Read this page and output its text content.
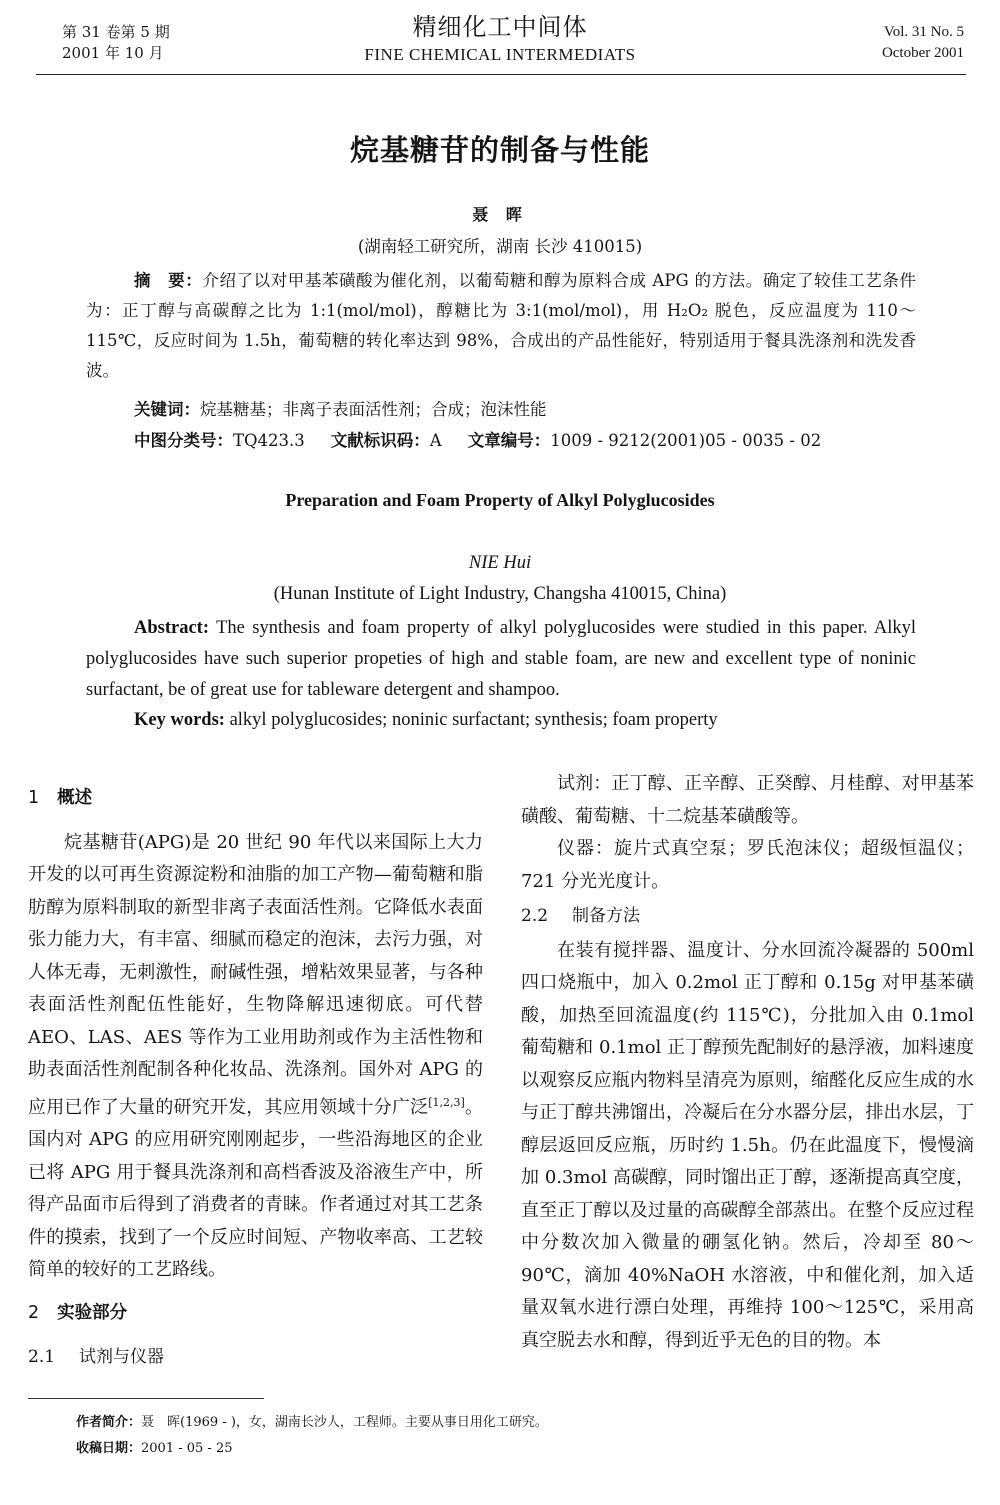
第 31 卷第 5 期
2001 年 10 月
精细化工中间体
FINE CHEMICAL INTERMEDIATS
Vol. 31 No. 5
October 2001
烷基糖苷的制备与性能
聂 晖
(湖南轻工研究所，湖南 长沙 410015)
摘　要：介绍了以对甲基苯磺酸为催化剂，以葡萄糖和醇为原料合成 APG 的方法。确定了较佳工艺条件为：正丁醇与高碳醇之比为 1:1(mol/mol)，醇糖比为 3:1(mol/mol)，用 H₂O₂ 脱色，反应温度为 110～115℃，反应时间为 1.5h，葡萄糖的转化率达到 98%，合成出的产品性能好，特别适用于餐具洗涤剂和洗发香波。
关键词：烷基糖基；非离子表面活性剂；合成；泡沫性能
中图分类号：TQ423.3 文献标识码：A 文章编号：1009 - 9212(2001)05 - 0035 - 02
Preparation and Foam Property of Alkyl Polyglucosides
NIE Hui
(Hunan Institute of Light Industry, Changsha 410015, China)
Abstract: The synthesis and foam property of alkyl polyglucosides were studied in this paper. Alkyl polyglucosides have such superior propeties of high and stable foam, are new and excellent type of noninic surfactant, be of great use for tableware detergent and shampoo.
Key words: alkyl polyglucosides; noninic surfactant; synthesis; foam property
1 概述

烷基糖苷(APG)是 20 世纪 90 年代以来国际上大力开发的以可再生资源淀粉和油脂的加工产物—葡萄糖和脂肪醇为原料制取的新型非离子表面活性剂。它降低水表面张力能力大，有丰富、细腻而稳定的泡沫，去污力强，对人体无毒，无刺激性，耐碱性强，增粘效果显著，与各种表面活性剂配伍性能好，生物降解迅速彻底。可代替 AEO、LAS、AES 等作为工业用助剂或作为主活性物和助表面活性剂配制各种化妆品、洗涤剂。国外对 APG 的应用已作了大量的研究开发，其应用领域十分广泛[1,2,3]。国内对 APG 的应用研究刚刚起步，一些沿海地区的企业已将 APG 用于餐具洗涤剂和高档香波及浴液生产中，所得产品面市后得到了消费者的青睐。作者通过对其工艺条件的摸索，找到了一个反应时间短、产物收率高、工艺较简单的较好的工艺路线。

2 实验部分
2.1 试剂与仪器

试剂：正丁醇、正辛醇、正癸醇、月桂醇、对甲基苯磺酸、葡萄糖、十二烷基苯磺酸等。

仪器：旋片式真空泵；罗氏泡沫仪；超级恒温仪；721 分光光度计。

2.2 制备方法

在装有搅拌器、温度计、分水回流冷凝器的 500ml 四口烧瓶中，加入 0.2mol 正丁醇和 0.15g 对甲基苯磺酸，加热至回流温度(约 115℃)，分批加入由 0.1mol 葡萄糖和 0.1mol 正丁醇预先配制好的悬浮液，加料速度以观察反应瓶内物料呈清亮为原则，缩醛化反应生成的水与正丁醇共沸馏出，冷凝后在分水器分层，排出水层，丁醇层返回反应瓶，历时约 1.5h。仍在此温度下，慢慢滴加 0.3mol 高碳醇，同时馏出正丁醇，逐渐提高真空度，直至正丁醇以及过量的高碳醇全部蒸出。在整个反应过程中分数次加入微量的硼氢化钠。然后，冷却至 80～90℃，滴加 40%NaOH 水溶液，中和催化剂，加入适量双氧水进行漂白处理，再维持 100～125℃，采用高真空脱去水和醇，得到近乎无色的目的物。本

作者简介：聂　晖(1969 - )，女，湖南长沙人，工程师。主要从事日用化工研究。
收稿日期：2001 - 05 - 25
